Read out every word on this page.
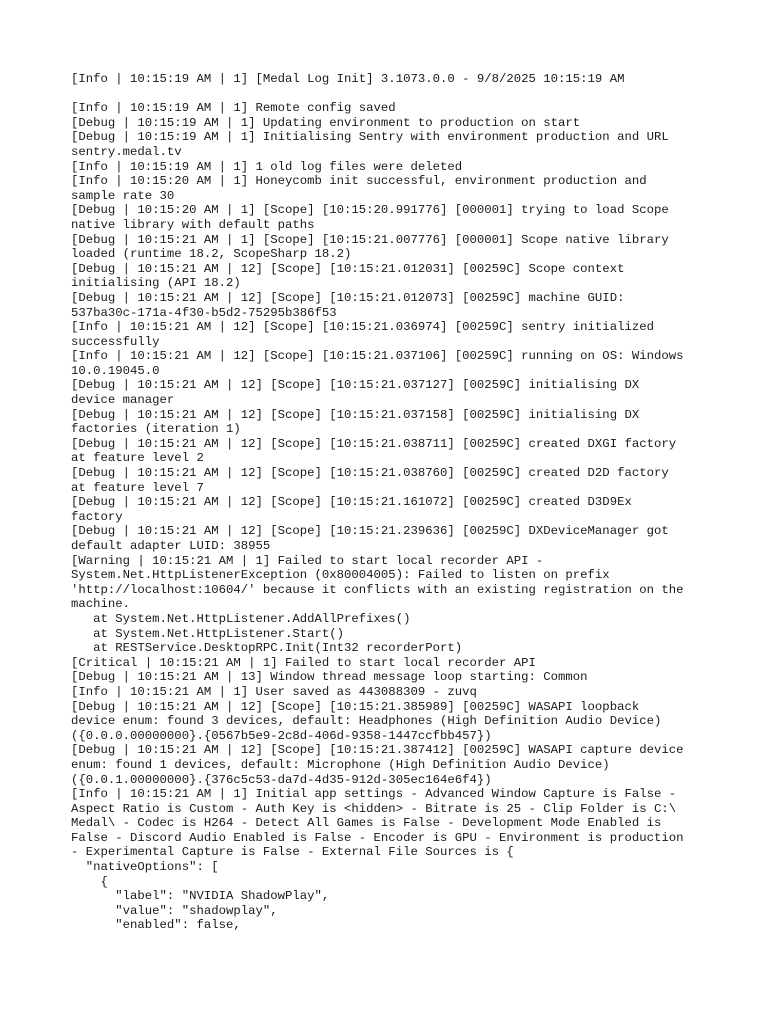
[Info | 10:15:19 AM | 1] [Medal Log Init] 3.1073.0.0 - 9/8/2025 10:15:19 AM
[Info | 10:15:19 AM | 1] Remote config saved
[Debug | 10:15:19 AM | 1] Updating environment to production on start
[Debug | 10:15:19 AM | 1] Initialising Sentry with environment production and URL
sentry.medal.tv
[Info | 10:15:19 AM | 1] 1 old log files were deleted
[Info | 10:15:20 AM | 1] Honeycomb init successful, environment production and
sample rate 30
[Debug | 10:15:20 AM | 1] [Scope] [10:15:20.991776] [000001] trying to load Scope
native library with default paths
[Debug | 10:15:21 AM | 1] [Scope] [10:15:21.007776] [000001] Scope native library
loaded (runtime 18.2, ScopeSharp 18.2)
[Debug | 10:15:21 AM | 12] [Scope] [10:15:21.012031] [00259C] Scope context
initialising (API 18.2)
[Debug | 10:15:21 AM | 12] [Scope] [10:15:21.012073] [00259C] machine GUID:
537ba30c-171a-4f30-b5d2-75295b386f53
[Info | 10:15:21 AM | 12] [Scope] [10:15:21.036974] [00259C] sentry initialized
successfully
[Info | 10:15:21 AM | 12] [Scope] [10:15:21.037106] [00259C] running on OS: Windows
10.0.19045.0
[Debug | 10:15:21 AM | 12] [Scope] [10:15:21.037127] [00259C] initialising DX
device manager
[Debug | 10:15:21 AM | 12] [Scope] [10:15:21.037158] [00259C] initialising DX
factories (iteration 1)
[Debug | 10:15:21 AM | 12] [Scope] [10:15:21.038711] [00259C] created DXGI factory
at feature level 2
[Debug | 10:15:21 AM | 12] [Scope] [10:15:21.038760] [00259C] created D2D factory
at feature level 7
[Debug | 10:15:21 AM | 12] [Scope] [10:15:21.161072] [00259C] created D3D9Ex
factory
[Debug | 10:15:21 AM | 12] [Scope] [10:15:21.239636] [00259C] DXDeviceManager got
default adapter LUID: 38955
[Warning | 10:15:21 AM | 1] Failed to start local recorder API -
System.Net.HttpListenerException (0x80004005): Failed to listen on prefix
'http://localhost:10604/' because it conflicts with an existing registration on the
machine.
at System.Net.HttpListener.AddAllPrefixes()
at System.Net.HttpListener.Start()
at RESTService.DesktopRPC.Init(Int32 recorderPort)
[Critical | 10:15:21 AM | 1] Failed to start local recorder API
[Debug | 10:15:21 AM | 13] Window thread message loop starting: Common
[Info | 10:15:21 AM | 1] User saved as 443088309 - zuvq
[Debug | 10:15:21 AM | 12] [Scope] [10:15:21.385989] [00259C] WASAPI loopback
device enum: found 3 devices, default: Headphones (High Definition Audio Device)
({0.0.0.00000000}.{0567b5e9-2c8d-406d-9358-1447ccfbb457})
[Debug | 10:15:21 AM | 12] [Scope] [10:15:21.387412] [00259C] WASAPI capture device
enum: found 1 devices, default: Microphone (High Definition Audio Device)
({0.0.1.00000000}.{376c5c53-da7d-4d35-912d-305ec164e6f4})
[Info | 10:15:21 AM | 1] Initial app settings - Advanced Window Capture is False -
Aspect Ratio is Custom - Auth Key is <hidden> - Bitrate is 25 - Clip Folder is C:\
Medal\ - Codec is H264 - Detect All Games is False - Development Mode Enabled is
False - Discord Audio Enabled is False - Encoder is GPU - Environment is production
- Experimental Capture is False - External File Sources is {
"nativeOptions": [
{
"label": "NVIDIA ShadowPlay",
"value": "shadowplay",
"enabled": false,
